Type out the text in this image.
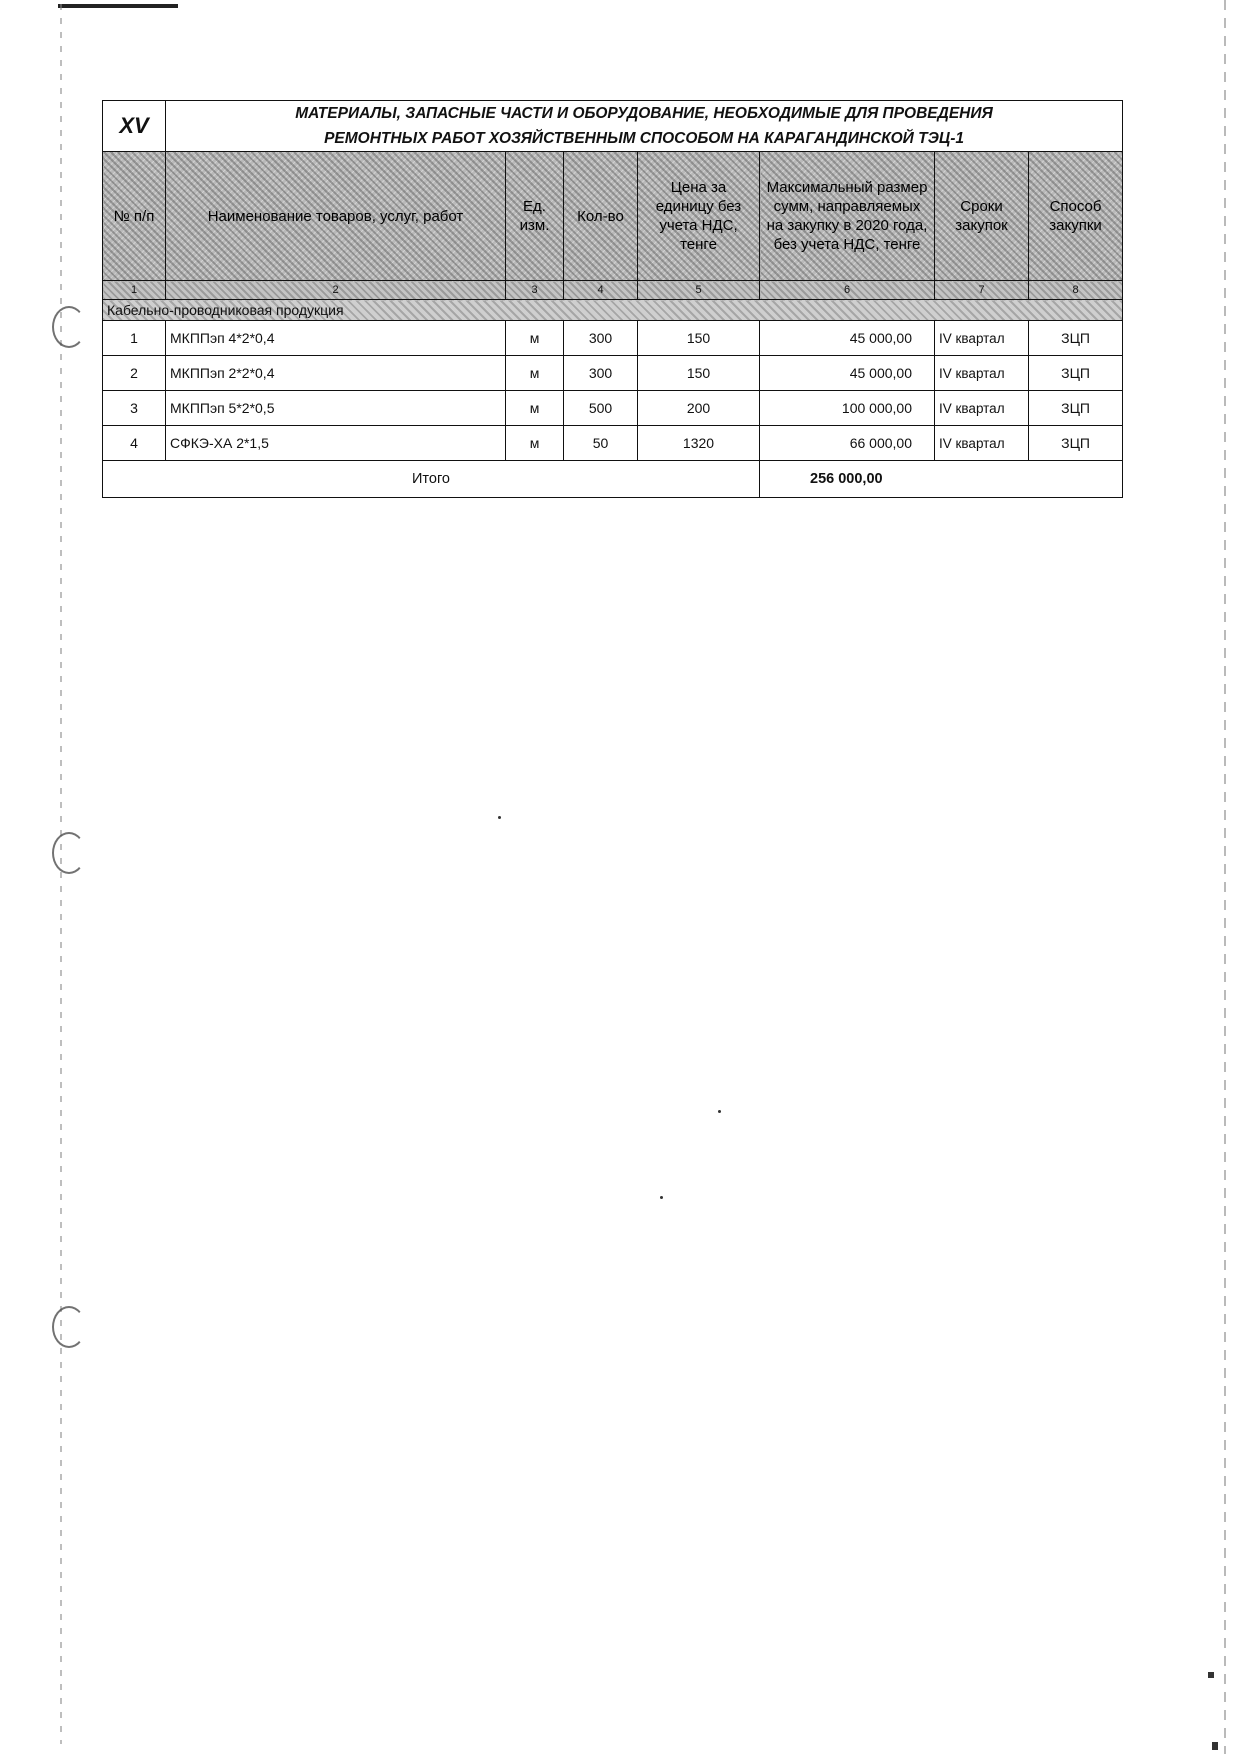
XV	МАТЕРИАЛЫ, ЗАПАСНЫЕ ЧАСТИ И ОБОРУДОВАНИЕ, НЕОБХОДИМЫЕ ДЛЯ ПРОВЕДЕНИЯ
РЕМОНТНЫХ РАБОТ ХОЗЯЙСТВЕННЫМ СПОСОБОМ НА КАРАГАНДИНСКОЙ ТЭЦ-1						

№ п/п	Наименование товаров, услуг, работ	Ед. изм.	Кол-во	Цена за единицу без учета НДС, тенге	Максимальный размер сумм, направляемых на закупку в 2020 года, без учета НДС, тенге	Сроки закупок	Способ закупки
1	2	3	4	5	6	7	8
Кабельно-проводниковая продукция							
1	МКППэп 4*2*0,4	м	300	150	45 000,00	IV квартал	ЗЦП
2	МКППэп 2*2*0,4	м	300	150	45 000,00	IV квартал	ЗЦП
3	МКППэп 5*2*0,5	м	500	200	100 000,00	IV квартал	ЗЦП
4	СФКЭ-ХА 2*1,5	м	50	1320	66 000,00	IV квартал	ЗЦП
Итого					256 000,00		
